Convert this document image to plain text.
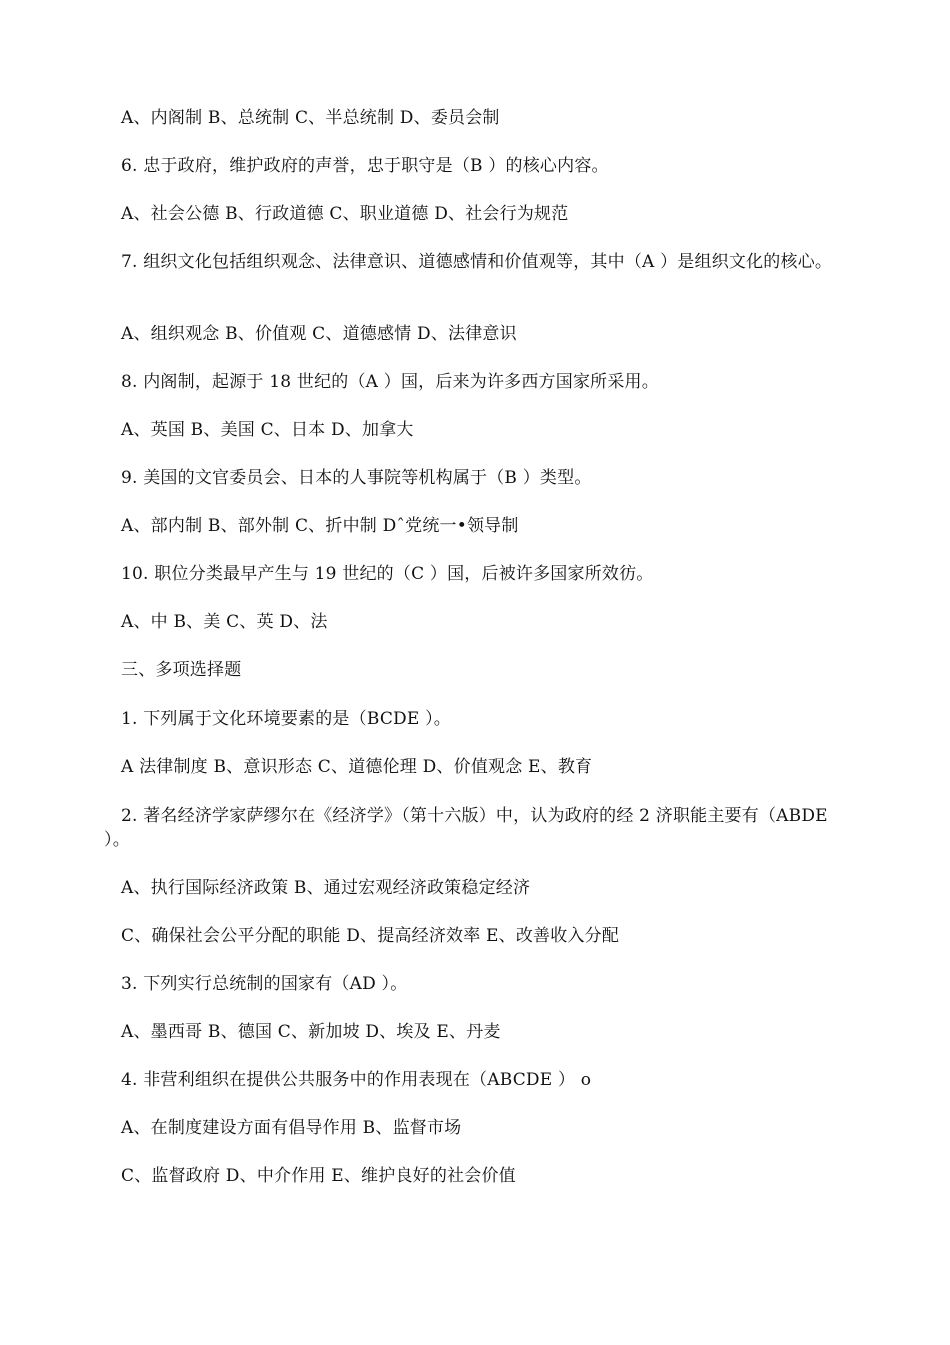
A、内阁制 B、总统制 C、半总统制 D、委员会制
6. 忠于政府，维护政府的声誉，忠于职守是（B ）的核心内容。
A、社会公德 B、行政道德 C、职业道德 D、社会行为规范
7. 组织文化包括组织观念、法律意识、道德感情和价值观等，其中（A ）是组织文化的核心。
A、组织观念 B、价值观 C、道德感情 D、法律意识
8. 内阁制，起源于 18 世纪的（A ）国，后来为许多西方国家所采用。
A、英国 B、美国 C、日本 D、加拿大
9. 美国的文官委员会、日本的人事院等机构属于（B ）类型。
A、部内制 B、部外制 C、折中制 Dˆ党统一•领导制
10. 职位分类最早产生与 19 世纪的（C ）国，后被许多国家所效彷。
A、中 B、美 C、英 D、法
三、多项选择题
1. 下列属于文化环境要素的是（BCDE ）。
A 法律制度 B、意识形态 C、道德伦理 D、价值观念 E、教育
2. 著名经济学家萨缪尔在《经济学》（第十六版）中，认为政府的经 2 济职能主要有（ABDE ）。
A、执行国际经济政策 B、通过宏观经济政策稳定经济
C、确保社会公平分配的职能 D、提高经济效率 E、改善收入分配
3. 下列实行总统制的国家有（AD ）。
A、墨西哥 B、德国 C、新加坡 D、埃及 E、丹麦
4. 非营利组织在提供公共服务中的作用表现在（ABCDE ） o
A、在制度建设方面有倡导作用 B、监督市场
C、监督政府 D、中介作用 E、维护良好的社会价值
